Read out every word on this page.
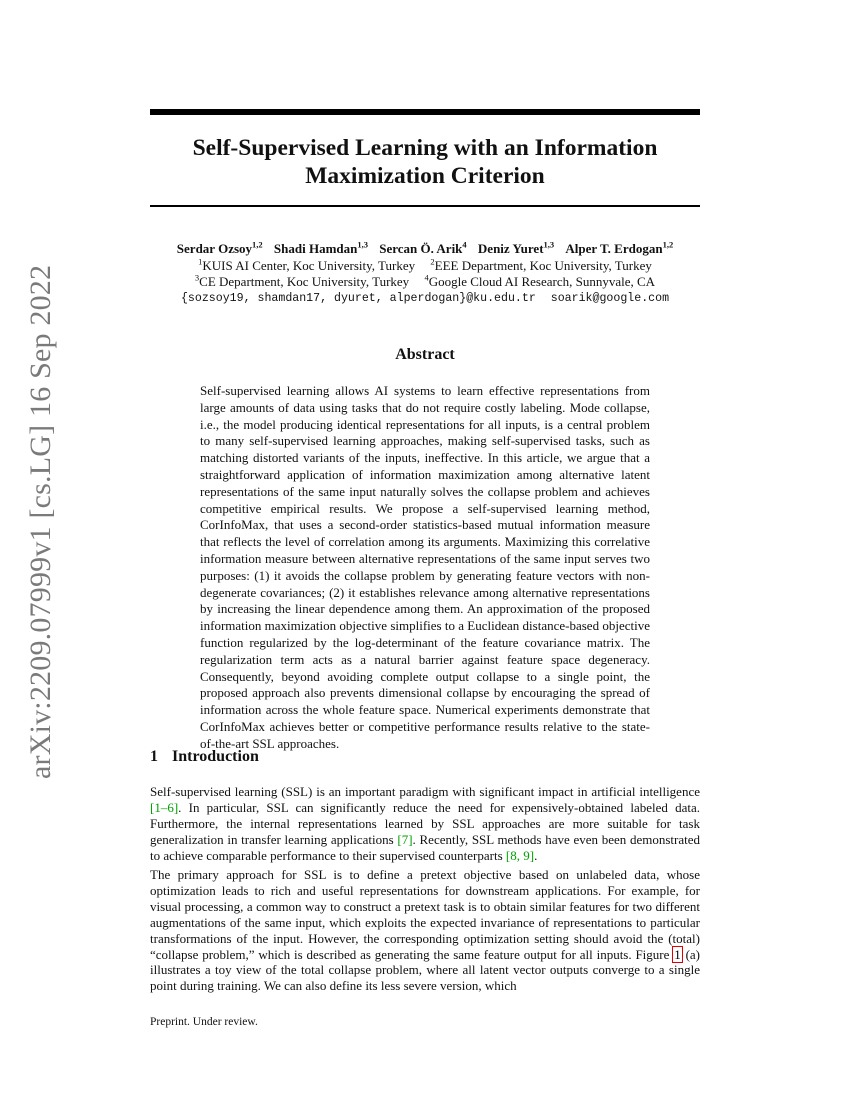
arXiv:2209.07999v1 [cs.LG] 16 Sep 2022
Self-Supervised Learning with an Information
Maximization Criterion
Serdar Ozsoy$^{1,2}$ Shadi Hamdan$^{1,3}$ Sercan Ö. Arik$^4$ Deniz Yuret$^{1,3}$ Alper T. Erdogan$^{1,2}$
$^1$KUIS AI Center, Koc University, Turkey $^2$EEE Department, Koc University, Turkey
$^3$CE Department, Koc University, Turkey $^4$Google Cloud AI Research, Sunnyvale, CA
{sozsoy19, shamdan17, dyuret, alperdogan}@ku.edu.tr soarik@google.com
Abstract

Self-supervised learning allows AI systems to learn effective representations from large amounts of data using tasks that do not require costly labeling. Mode collapse, i.e., the model producing identical representations for all inputs, is a central problem to many self-supervised learning approaches, making self-supervised tasks, such as matching distorted variants of the inputs, ineffective. In this article, we argue that a straightforward application of information maximization among alternative latent representations of the same input naturally solves the collapse problem and achieves competitive empirical results. We propose a self-supervised learning method, CorInfoMax, that uses a second-order statistics-based mutual information measure that reflects the level of correlation among its arguments. Maximizing this correlative information measure between alternative representations of the same input serves two purposes: (1) it avoids the collapse problem by generating feature vectors with non-degenerate covariances; (2) it establishes relevance among alternative representations by increasing the linear dependence among them. An approximation of the proposed information maximization objective simplifies to a Euclidean distance-based objective function regularized by the log-determinant of the feature covariance matrix. The regularization term acts as a natural barrier against feature space degeneracy. Consequently, beyond avoiding complete output collapse to a single point, the proposed approach also prevents dimensional collapse by encouraging the spread of information across the whole feature space. Numerical experiments demonstrate that CorInfoMax achieves better or competitive performance results relative to the state-of-the-art SSL approaches.

1 Introduction

Self-supervised learning (SSL) is an important paradigm with significant impact in artificial intelligence [1–6]. In particular, SSL can significantly reduce the need for expensively-obtained labeled data. Furthermore, the internal representations learned by SSL approaches are more suitable for task generalization in transfer learning applications [7]. Recently, SSL methods have even been demonstrated to achieve comparable performance to their supervised counterparts [8, 9].

The primary approach for SSL is to define a pretext objective based on unlabeled data, whose optimization leads to rich and useful representations for downstream applications. For example, for visual processing, a common way to construct a pretext task is to obtain similar features for two different augmentations of the same input, which exploits the expected invariance of representations to particular transformations of the input. However, the corresponding optimization setting should avoid the (total) “collapse problem,” which is described as generating the same feature output for all inputs. Figure 1 (a) illustrates a toy view of the total collapse problem, where all latent vector outputs converge to a single point during training. We can also define its less severe version, which

Preprint. Under review.
